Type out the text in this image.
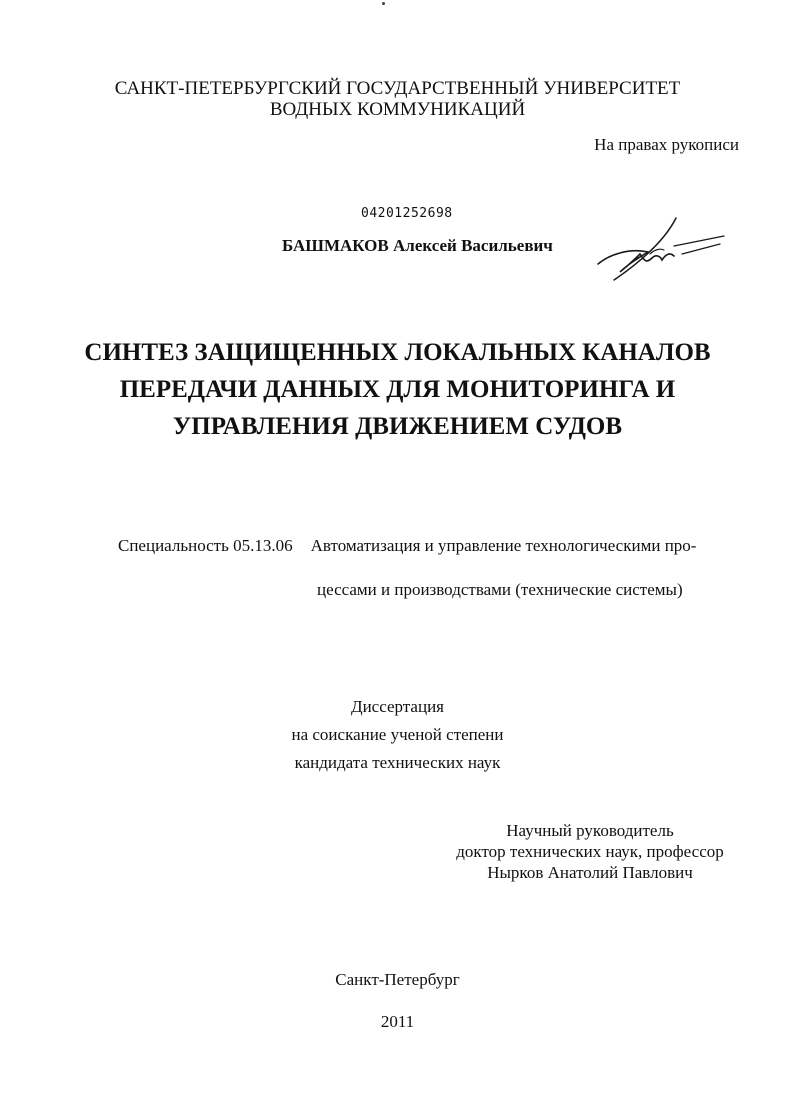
САНКТ-ПЕТЕРБУРГСКИЙ ГОСУДАРСТВЕННЫЙ УНИВЕРСИТЕТ
ВОДНЫХ КОММУНИКАЦИЙ
На правах рукописи
04201252698
БАШМАКОВ Алексей Васильевич
СИНТЕЗ ЗАЩИЩЕННЫХ ЛОКАЛЬНЫХ КАНАЛОВ
ПЕРЕДАЧИ ДАННЫХ ДЛЯ МОНИТОРИНГА И
УПРАВЛЕНИЯ ДВИЖЕНИЕМ СУДОВ
Специальность 05.13.06 Автоматизация и управление технологическими про-
цессами и производствами (технические системы)
Диссертация
на соискание ученой степени
кандидата технических наук
Научный руководитель
доктор технических наук, профессор
Нырков Анатолий Павлович
Санкт-Петербург
2011
